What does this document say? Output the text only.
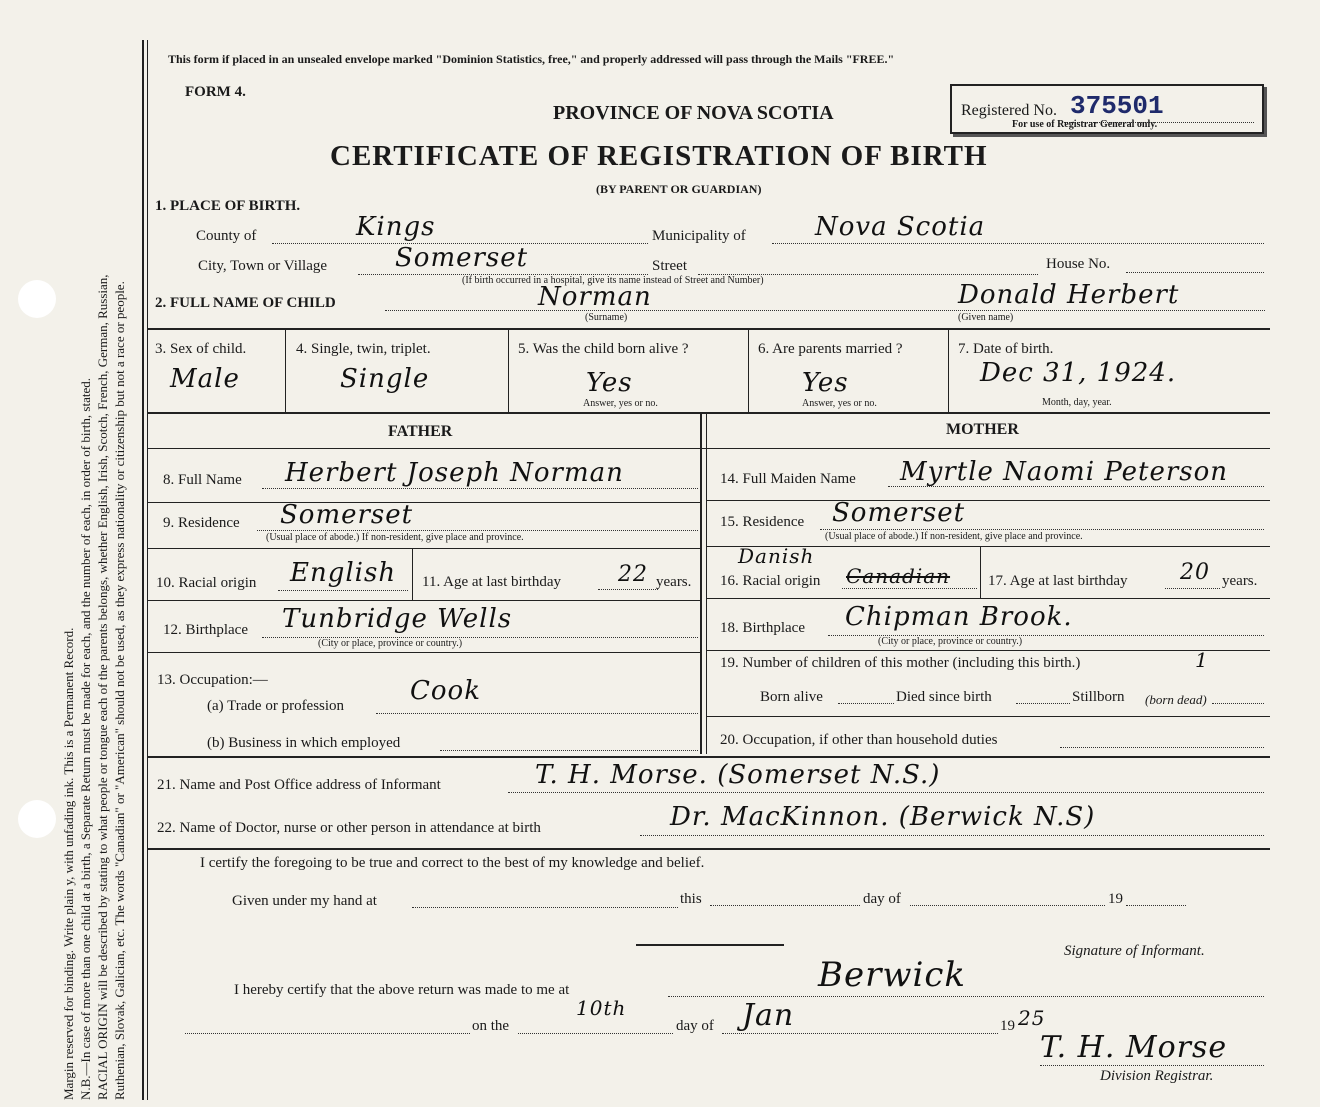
Margin reserved for binding. Write plain y, with unfading ink. This is a Permanent Record. N.B.—In case of more than one child at a birth, a Separate Return must be made for each, and the number of each, in order of birth, stated. RACIAL ORIGIN will be described by stating to what people or tongue each of the parents belongs, whether English, Irish, Scotch, French, German, Russian, Ruthenian, Slovak, Galician, etc. The words "Canadian" or "American" should not be used, as they express nationality or citizenship but not a race or people.
This form if placed in an unsealed envelope marked "Dominion Statistics, free," and properly addressed will pass through the Mails "FREE."
FORM 4.
PROVINCE OF NOVA SCOTIA
CERTIFICATE OF REGISTRATION OF BIRTH
(BY PARENT OR GUARDIAN)
Registered No. 375501
For use of Registrar General only.
1. PLACE OF BIRTH.
County of	Kings	Municipality of	Nova Scotia
City, Town or Village	Somerset	Street	House No.
(If birth occurred in a hospital, give its name instead of Street and Number)
2. FULL NAME OF CHILD	Norman
(Surname)
Donald Herbert
(Given name)
3. Sex of child.
Male
4. Single, twin, triplet.
Single
5. Was the child born alive ?
Yes
Answer, yes or no.
6. Are parents married ?
Yes
Answer, yes or no.
7. Date of birth.
Dec 31, 1924.
Month, day, year.
FATHER	MOTHER
8. Full Name Herbert Joseph Norman
9. Residence Somerset
(Usual place of abode.) If non-resident, give place and province.
10. Racial origin English 11. Age at last birthday	22 years.
12. Birthplace Tunbridge Wells
(City or place, province or country.)
13. Occupation:—
(a) Trade or profession	Cook
(b) Business in which employed
14. Full Maiden Name Myrtle Naomi Peterson
15. Residence Somerset
(Usual place of abode.) If non-resident, give place and province.
Danish
16. Racial origin Canadian	17. Age at last birthday 20 years.
18. Birthplace Chipman Brook.
(City or place, province or country.)
19. Number of children of this mother (including this birth.)	1
Born alive	Died since birth	Stillborn (born dead)
20. Occupation, if other than household duties
21. Name and Post Office address of Informant	T. H. Morse. (Somerset N.S.)
22. Name of Doctor, nurse or other person in attendance at birth	Dr. MacKinnon. (Berwick N.S)
I certify the foregoing to be true and correct to the best of my knowledge and belief.
Given under my hand at	this	day of	19
Signature of Informant.
I hereby certify that the above return was made to me at	Berwick
on the
10th
day of Jan	19 25
T. H. Morse
Division Registrar.
